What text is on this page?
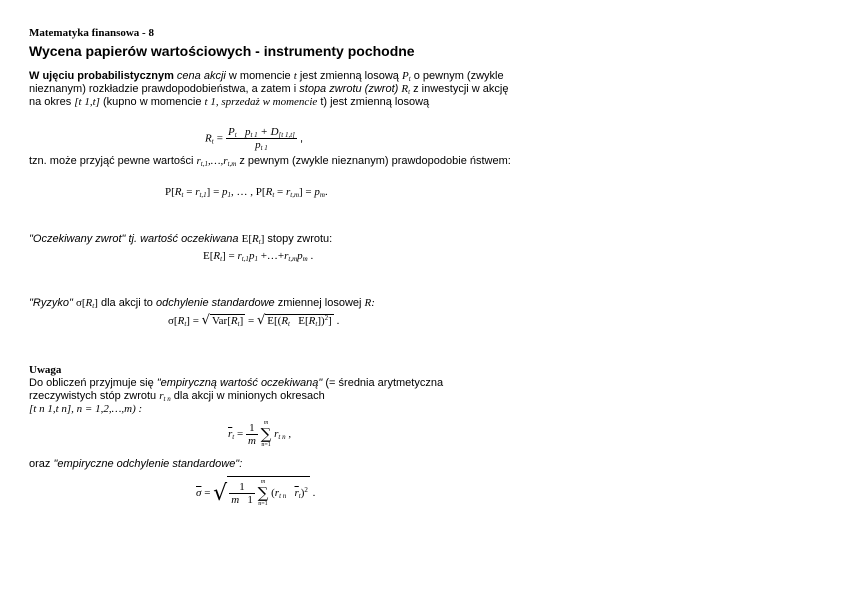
Matematyka finansowa - 8
Wycena papierów wartościowych - instrumenty pochodne
W ujęciu probabilistycznym cena akcji w momencie t jest zmienną losową $P_t$ o pewnym (zwykle nieznanym) rozkładzie prawdopodobieństwa, a zatem i stopa zwrotu (zwrot) $R_t$ z inwestycji w akcję na okres [t 1,t] (kupno w momencie t 1, sprzedaż w momencie t) jest zmienną losową
$R_t = \frac{P_t p_{t 1} + D_{[t 1,t]}}{p_{t 1}}$ ,
tzn. może przyjąć pewne wartości $r_{t,1},\dots,r_{t,m}$ z pewnym (zwykle nieznanym) prawdopodobie ństwem:
$P[R_t = r_{t,1}] = p_1$, … , $P[R_t = r_{t,m}] = p_m$.
"Oczekiwany zwrot" tj. wartość oczekiwana $E[R_t]$ stopy zwrotu:
$E[R_t] = r_{t,1}p_1$ $+\dots+r_{t,m}p_m$ .
"Ryzyko" $\sigma[R_t]$ dla akcji to odchylenie standardowe zmiennej losowej R:
$\sigma[R_t]$ = √ $Var[R_t]$ = √ $E[(R_t$   $E[R_t])^2$] .
Uwaga
Do obliczeń przyjmuje się "empiryczną wartość oczekiwaną" (= średnia arytmetyczna rzeczywistych stóp zwrotu $r_{t n}$ dla akcji w minionych okresach
[t n 1,t n], n = 1,2,…,m) :
$\overline{r}_t = \frac{1}{m}$ m
∑
n=1 $r_{t n}$ ,
oraz "empiryczne odchylenie standardowe":
$\overline{\sigma}$ = √ $\frac{1}{m 1}$ m
∑
n=1 ($r_{t n}$ $\overline{r}_t)^2$ .
